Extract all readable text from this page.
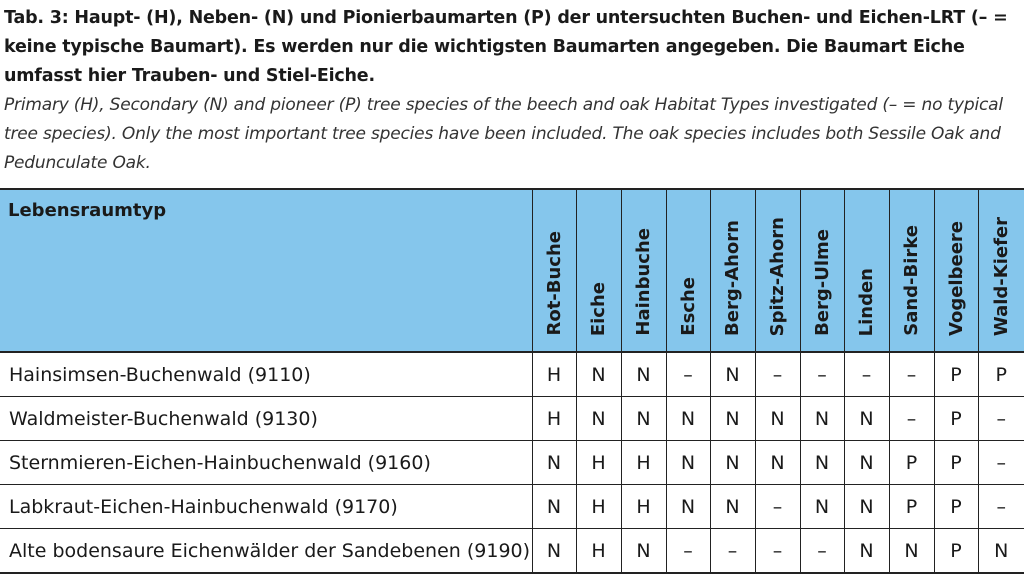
Tab. 3: Haupt- (H), Neben- (N) und Pionierbaumarten (P) der untersuchten Buchen- und Eichen-LRT (– = keine typische Baumart). Es werden nur die wichtigsten Baumarten angegeben. Die Baumart Eiche umfasst hier Trauben- und Stiel-Eiche.

Primary (H), Secondary (N) and pioneer (P) tree species of the beech and oak Habitat Types investigated (– = no typical tree species). Only the most important tree species have been included. The oak species includes both Sessile Oak and Pedunculate Oak.

Lebensraumtyp	Rot-Buche	Eiche	Hainbuche	Esche	Berg-Ahorn	Spitz-Ahorn	Berg-Ulme	Linden	Sand-Birke	Vogelbeere	Wald-Kiefer
Hainsimsen-Buchenwald (9110)	H	N	N	–	N	–	–	–	–	P	P
Waldmeister-Buchenwald (9130)	H	N	N	N	N	N	N	N	–	P	–
Sternmieren-Eichen-Hainbuchenwald (9160)	N	H	H	N	N	N	N	N	P	P	–
Labkraut-Eichen-Hainbuchenwald (9170)	N	H	H	N	N	–	N	N	P	P	–
Alte bodensaure Eichenwälder der Sandebenen (9190)	N	H	N	–	–	–	–	N	N	P	N
